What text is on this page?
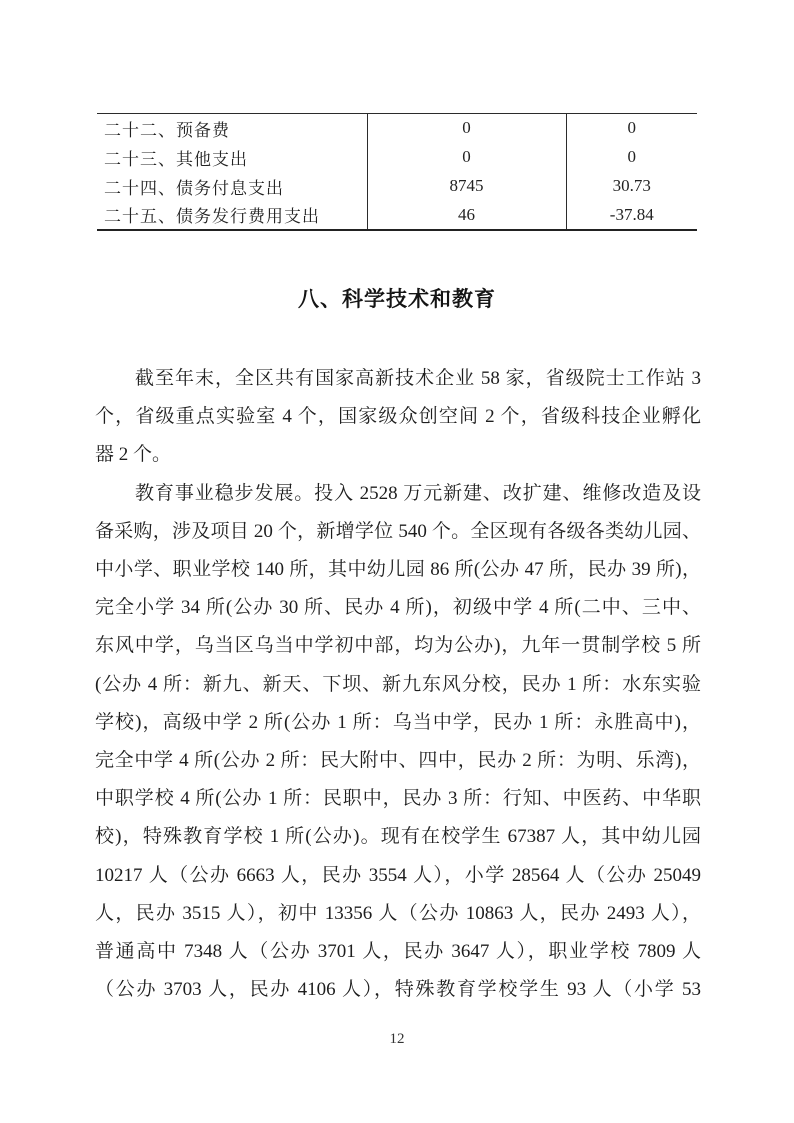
二十二、预备费	0	0
二十三、其他支出	0	0
二十四、债务付息支出	8745	30.73
二十五、债务发行费用支出	46	-37.84
八、科学技术和教育
截至年末，全区共有国家高新技术企业 58 家，省级院士工作站 3
个，省级重点实验室 4 个，国家级众创空间 2 个，省级科技企业孵化
器 2 个。
教育事业稳步发展。投入 2528 万元新建、改扩建、维修改造及设
备采购，涉及项目 20 个，新增学位 540 个。全区现有各级各类幼儿园、
中小学、职业学校 140 所，其中幼儿园 86 所(公办 47 所，民办 39 所)，
完全小学 34 所(公办 30 所、民办 4 所)，初级中学 4 所(二中、三中、
东风中学，乌当区乌当中学初中部，均为公办)，九年一贯制学校 5 所
(公办 4 所：新九、新天、下坝、新九东风分校，民办 1 所：水东实验
学校)，高级中学 2 所(公办 1 所：乌当中学，民办 1 所：永胜高中)，
完全中学 4 所(公办 2 所：民大附中、四中，民办 2 所：为明、乐湾)，
中职学校 4 所(公办 1 所：民职中，民办 3 所：行知、中医药、中华职
校)，特殊教育学校 1 所(公办)。现有在校学生 67387 人，其中幼儿园
10217 人（公办 6663 人，民办 3554 人），小学 28564 人（公办 25049
人，民办 3515 人），初中 13356 人（公办 10863 人，民办 2493 人），
普通高中 7348 人（公办 3701 人，民办 3647 人），职业学校 7809 人
（公办 3703 人，民办 4106 人），特殊教育学校学生 93 人（小学 53
12
